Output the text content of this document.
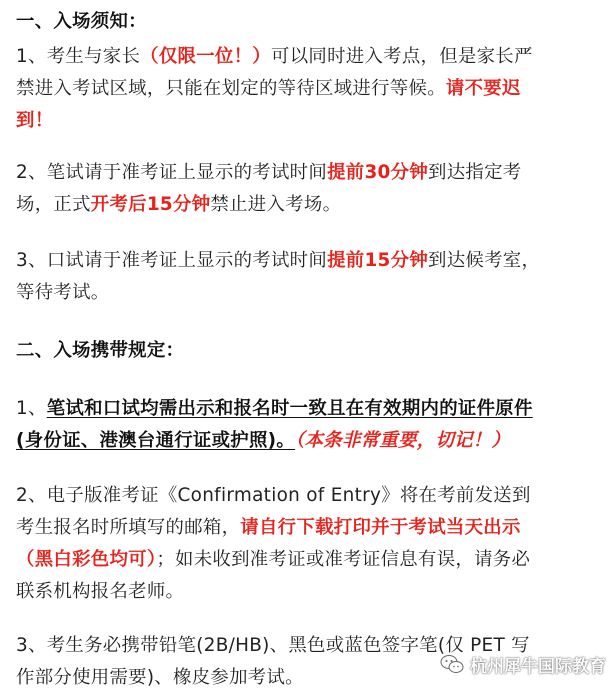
一、入场须知：
1、考生与家长（仅限一位！）可以同时进入考点，但是家长严
禁进入考试区域，只能在划定的等待区域进行等候。请不要迟
到！
2、笔试请于准考证上显示的考试时间提前30分钟到达指定考
场，正式开考后15分钟禁止进入考场。
3、口试请于准考证上显示的考试时间提前15分钟到达候考室，
等待考试。
二、入场携带规定：
1、笔试和口试均需出示和报名时一致且在有效期内的证件原件
(身份证、港澳台通行证或护照)。（本条非常重要，切记！）
2、电子版准考证《Confirmation of Entry》将在考前发送到
考生报名时所填写的邮箱，请自行下载打印并于考试当天出示
（黑白彩色均可）；如未收到准考证或准考证信息有误，请务必
联系机构报名老师。
3、考生务必携带铅笔(2B/HB)、黑色或蓝色签字笔(仅 PET 写
作部分使用需要)、橡皮参加考试。
杭州犀牛国际教育
